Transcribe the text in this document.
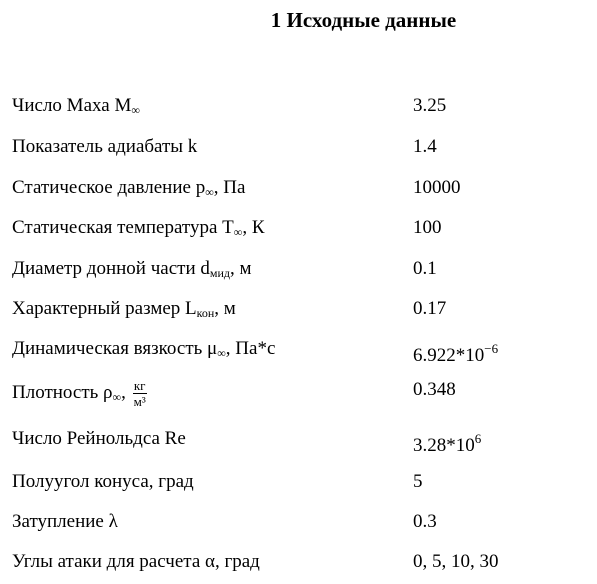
1 Исходные данные
Число Маха $M_\infty$	3.25
Показатель адиабаты k	1.4
Статическое давление $p_\infty$, Па	10000
Статическая температура $T_\infty$, К	100
Диаметр донной части $d_{мид}$, м	0.1
Характерный размер $L_{кон}$, м	0.17
Динамическая вязкость $\mu_\infty$, Па*с	$6.922*10^{-6}$
Плотность $\rho_\infty$, $\frac{кг}{\text{м³}}$	0.348
Число Рейнольдса Re	$3.28*10^6$
Полуугол конуса, град	5
Затупление λ	0.3
Углы атаки для расчета α, град	0, 5, 10, 30
